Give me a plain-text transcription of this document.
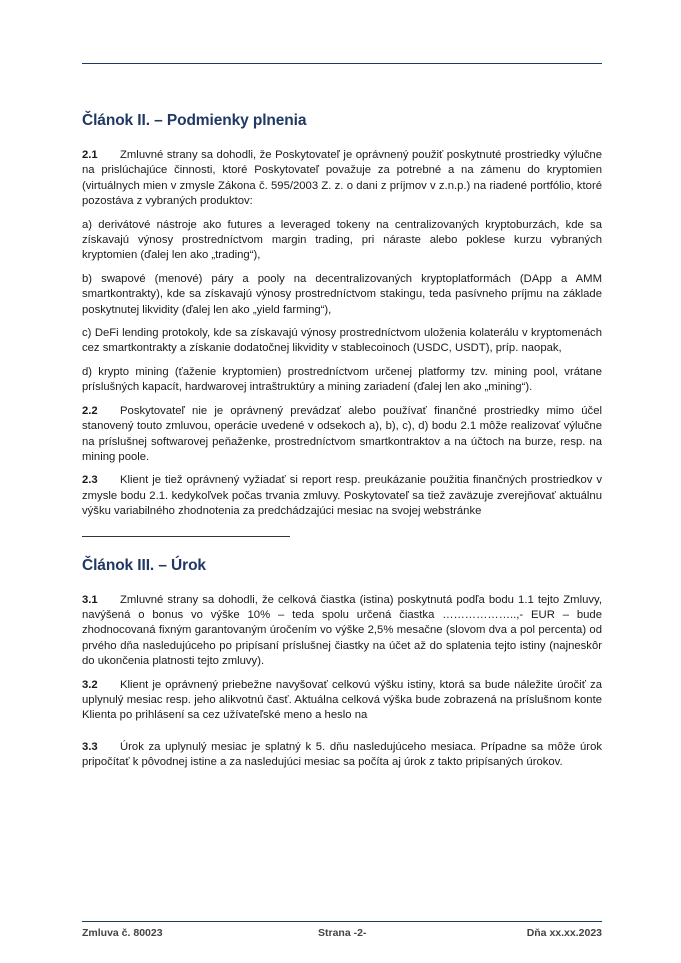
Článok II. – Podmienky plnenia

2.1 Zmluvné strany sa dohodli, že Poskytovateľ je oprávnený použiť poskytnuté prostriedky výlučne na prislúchajúce činnosti, ktoré Poskytovateľ považuje za potrebné a na zámenu do kryptomien (virtuálnych mien v zmysle Zákona č. 595/2003 Z. z. o dani z príjmov v z.n.p.) na riadené portfólio, ktoré pozostáva z vybraných produktov:

a) derivátové nástroje ako futures a leveraged tokeny na centralizovaných kryptoburzách, kde sa získavajú výnosy prostredníctvom margin trading, pri náraste alebo poklese kurzu vybraných kryptomien (ďalej len ako „trading“),

b) swapové (menové) páry a pooly na decentralizovaných kryptoplatformách (DApp a AMM smartkontrakty), kde sa získavajú výnosy prostredníctvom stakingu, teda pasívneho príjmu na základe poskytnutej likvidity (ďalej len ako „yield farming“),

c) DeFi lending protokoly, kde sa získavajú výnosy prostredníctvom uloženia kolaterálu v kryptomenách cez smartkontrakty a získanie dodatočnej likvidity v stablecoinoch (USDC, USDT), príp. naopak,

d) krypto mining (ťaženie kryptomien) prostredníctvom určenej platformy tzv. mining pool, vrátane príslušných kapacít, hardwarovej intraštruktúry a mining zariadení (ďalej len ako „mining“).

2.2 Poskytovateľ nie je oprávnený prevádzať alebo používať finančné prostriedky mimo účel stanovený touto zmluvou, operácie uvedené v odsekoch a), b), c), d) bodu 2.1 môže realizovať výlučne na príslušnej softwarovej peňaženke, prostredníctvom smartkontraktov a na účtoch na burze, resp. na mining poole.

2.3 Klient je tiež oprávnený vyžiadať si report resp. preukázanie použitia finančných prostriedkov v zmysle bodu 2.1. kedykoľvek počas trvania zmluvy. Poskytovateľ sa tiež zaväzuje zverejňovať aktuálnu výšku variabilného zhodnotenia za predchádzajúci mesiac na svojej webstránke

Článok III. – Úrok

3.1 Zmluvné strany sa dohodli, že celková čiastka (istina) poskytnutá podľa bodu 1.1 tejto Zmluvy, navýšená o bonus vo výške 10% – teda spolu určená čiastka ………………..,- EUR – bude zhodnocovaná fixným garantovaným úročením vo výške 2,5% mesačne (slovom dva a pol percenta) od prvého dňa nasledujúceho po pripísaní príslušnej čiastky na účet až do splatenia tejto istiny (najneskôr do ukončenia platnosti tejto zmluvy).

3.2 Klient je oprávnený priebežne navyšovať celkovú výšku istiny, ktorá sa bude náležite úročiť za uplynulý mesiac resp. jeho alikvotnú časť. Aktuálna celková výška bude zobrazená na príslušnom konte Klienta po prihlásení sa cez užívateľské meno a heslo na

3.3 Úrok za uplynulý mesiac je splatný k 5. dňu nasledujúceho mesiaca. Prípadne sa môže úrok pripočítať k pôvodnej istine a za nasledujúci mesiac sa počíta aj úrok z takto pripísaných úrokov.

Zmluva č. 80023	Strana -2-	Dňa xx.xx.2023
